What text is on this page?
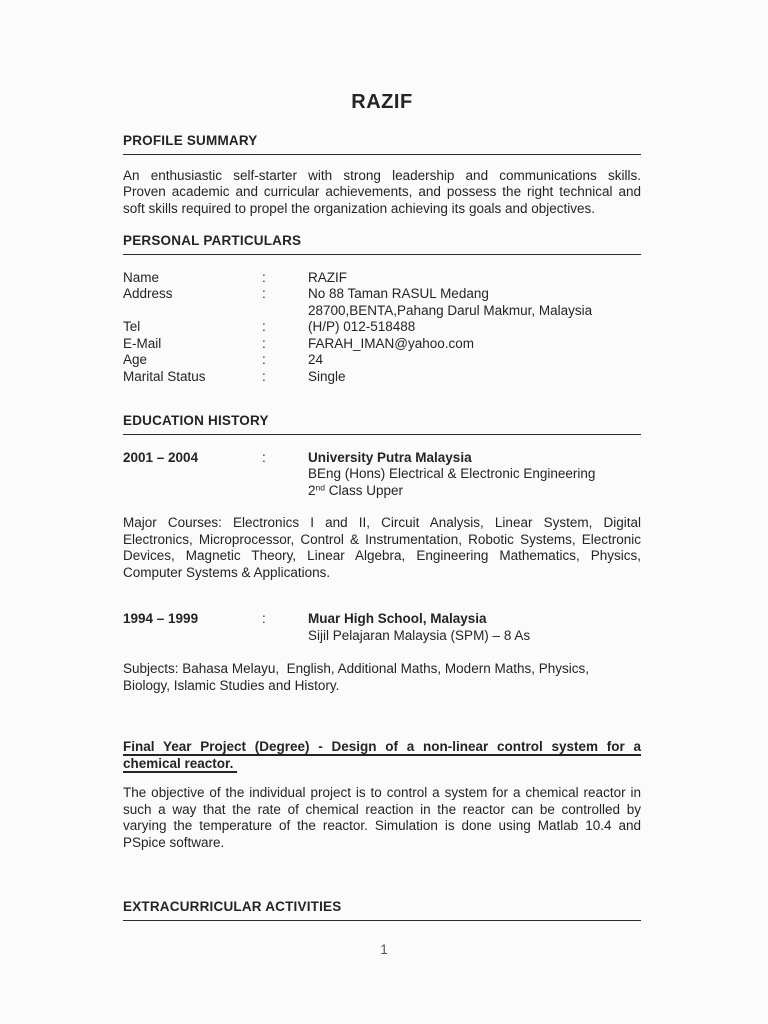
RAZIF
PROFILE SUMMARY
An enthusiastic self-starter with strong leadership and communications skills.
Proven academic and curricular achievements, and possess the right technical and
soft skills required to propel the organization achieving its goals and objectives.
PERSONAL PARTICULARS
Name	:	RAZIF
Address	:	No 88 Taman RASUL Medang
28700,BENTA,Pahang Darul Makmur, Malaysia
Tel	:	(H/P) 012-518488
E-Mail	:	FARAH_IMAN@yahoo.com
Age	:	24
Marital Status	:	Single
EDUCATION HISTORY
2001 – 2004	:	University Putra Malaysia
BEng (Hons) Electrical & Electronic Engineering
2nd Class Upper
Major Courses: Electronics I and II, Circuit Analysis, Linear System, Digital
Electronics, Microprocessor, Control & Instrumentation, Robotic Systems, Electronic
Devices, Magnetic Theory, Linear Algebra, Engineering Mathematics, Physics,
Computer Systems & Applications.
1994 – 1999	:	Muar High School, Malaysia
Sijil Pelajaran Malaysia (SPM) – 8 As
Subjects: Bahasa Melayu,  English, Additional Maths, Modern Maths, Physics,
Biology, Islamic Studies and History.
Final Year Project (Degree) - Design of a non-linear control system for a
chemical reactor.
The objective of the individual project is to control a system for a chemical reactor in
such a way that the rate of chemical reaction in the reactor can be controlled by
varying the temperature of the reactor. Simulation is done using Matlab 10.4 and
PSpice software.
EXTRACURRICULAR ACTIVITIES
1
